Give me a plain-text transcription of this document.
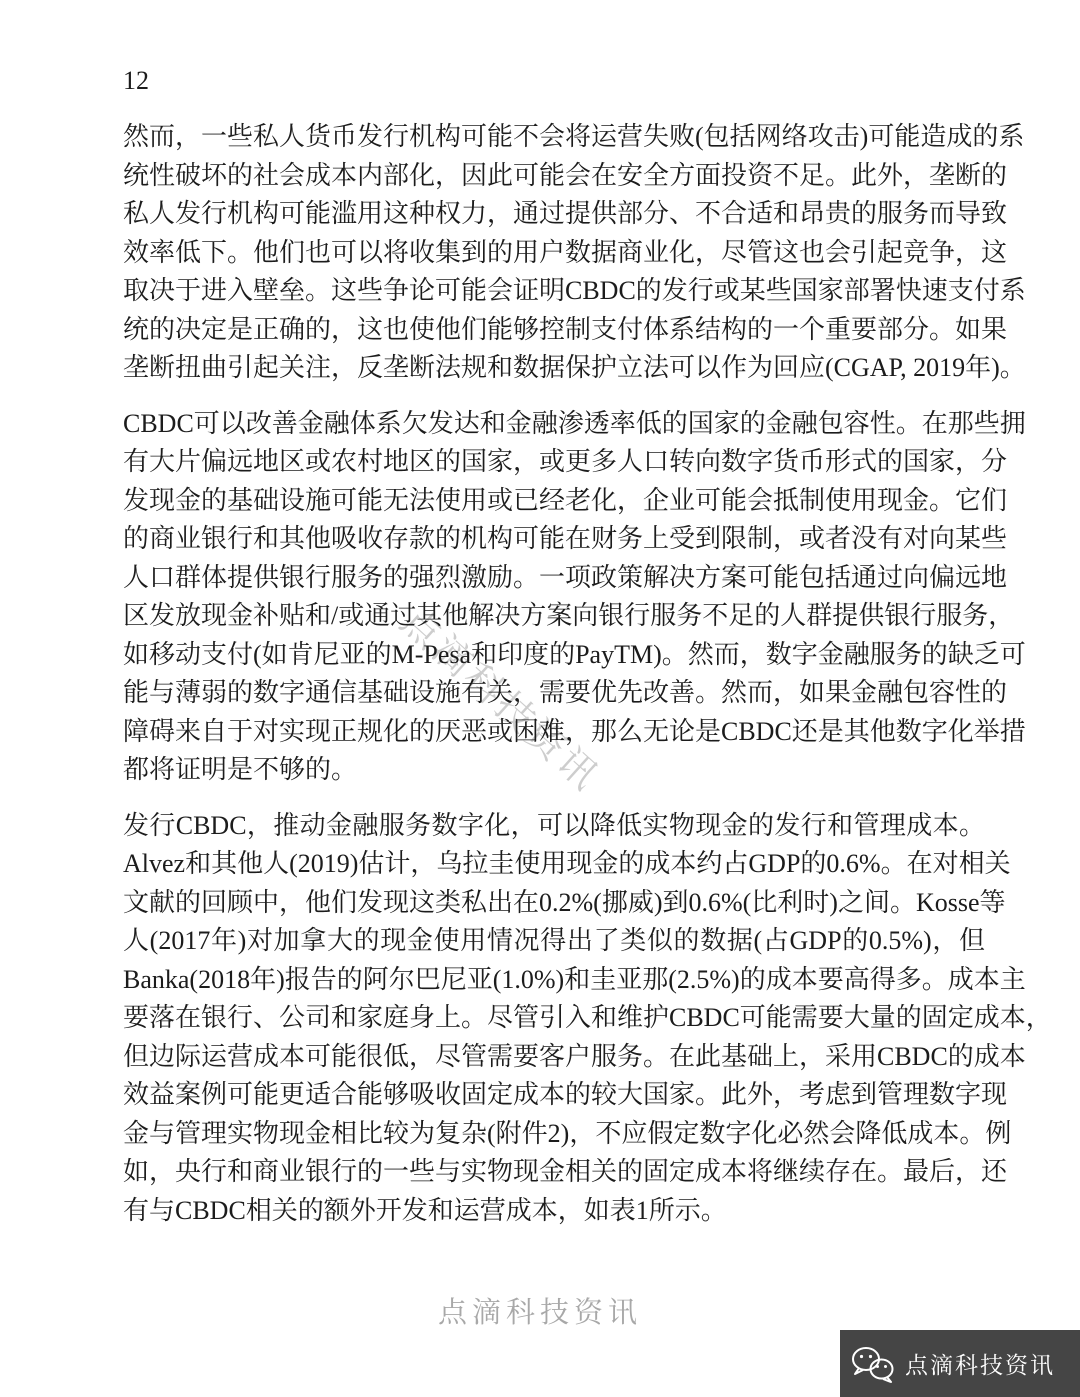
12
点滴科技资讯
然而，一些私人货币发行机构可能不会将运营失败(包括网络攻击)可能造成的系
统性破坏的社会成本内部化，因此可能会在安全方面投资不足。此外，垄断的
私人发行机构可能滥用这种权力，通过提供部分、不合适和昂贵的服务而导致
效率低下。他们也可以将收集到的用户数据商业化，尽管这也会引起竞争，这
取决于进入壁垒。这些争论可能会证明CBDC的发行或某些国家部署快速支付系
统的决定是正确的，这也使他们能够控制支付体系结构的一个重要部分。如果
垄断扭曲引起关注，反垄断法规和数据保护立法可以作为回应(CGAP, 2019年)。
CBDC可以改善金融体系欠发达和金融渗透率低的国家的金融包容性。在那些拥
有大片偏远地区或农村地区的国家，或更多人口转向数字货币形式的国家，分
发现金的基础设施可能无法使用或已经老化，企业可能会抵制使用现金。它们
的商业银行和其他吸收存款的机构可能在财务上受到限制，或者没有对向某些
人口群体提供银行服务的强烈激励。一项政策解决方案可能包括通过向偏远地
区发放现金补贴和/或通过其他解决方案向银行服务不足的人群提供银行服务，
如移动支付(如肯尼亚的M-Pesa和印度的PayTM)。然而，数字金融服务的缺乏可
能与薄弱的数字通信基础设施有关，需要优先改善。然而，如果金融包容性的
障碍来自于对实现正规化的厌恶或困难，那么无论是CBDC还是其他数字化举措
都将证明是不够的。
发行CBDC，推动金融服务数字化，可以降低实物现金的发行和管理成本。
Alvez和其他人(2019)估计，乌拉圭使用现金的成本约占GDP的0.6%。在对相关
文献的回顾中，他们发现这类私出在0.2%(挪威)到0.6%(比利时)之间。Kosse等
人(2017年)对加拿大的现金使用情况得出了类似的数据(占GDP的0.5%)，但
Banka(2018年)报告的阿尔巴尼亚(1.0%)和圭亚那(2.5%)的成本要高得多。成本主
要落在银行、公司和家庭身上。尽管引入和维护CBDC可能需要大量的固定成本，
但边际运营成本可能很低，尽管需要客户服务。在此基础上，采用CBDC的成本
效益案例可能更适合能够吸收固定成本的较大国家。此外，考虑到管理数字现
金与管理实物现金相比较为复杂(附件2)，不应假定数字化必然会降低成本。例
如，央行和商业银行的一些与实物现金相关的固定成本将继续存在。最后，还
有与CBDC相关的额外开发和运营成本，如表1所示。
点滴科技资讯
点滴科技资讯
